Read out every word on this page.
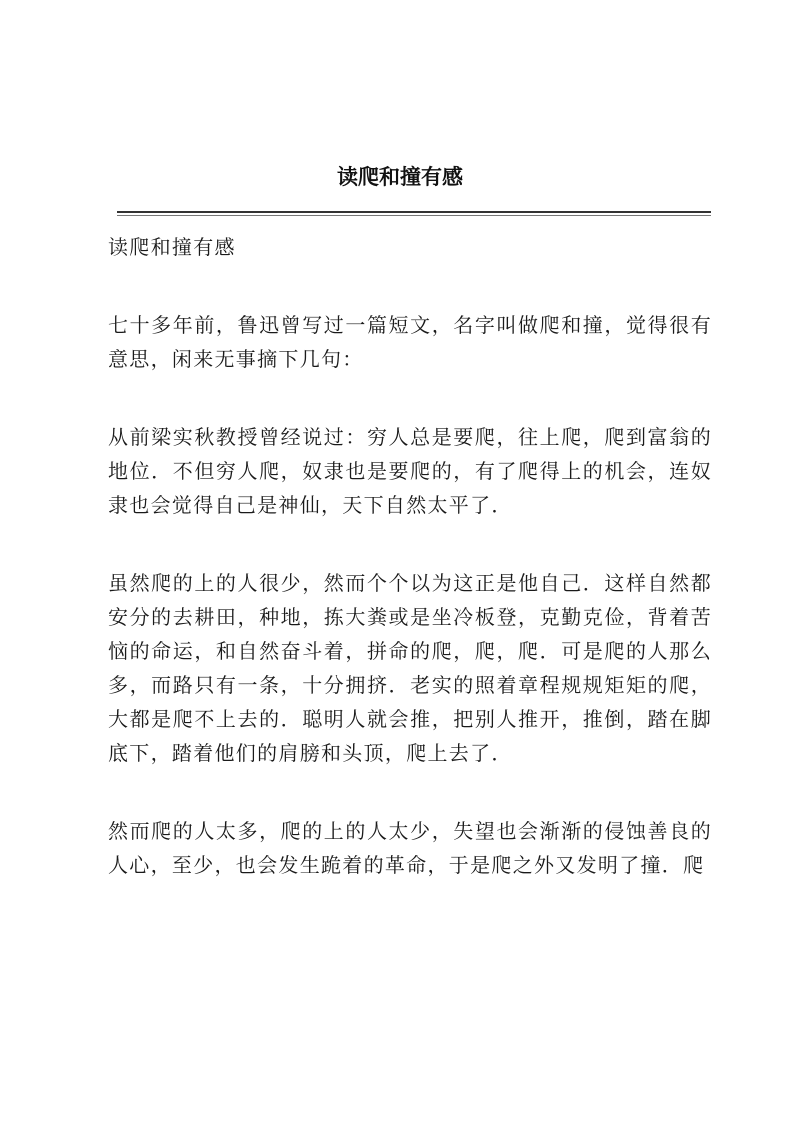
读爬和撞有感

读爬和撞有感

七十多年前，鲁迅曾写过一篇短文，名字叫做爬和撞，觉得很有意思，闲来无事摘下几句：

从前梁实秋教授曾经说过：穷人总是要爬，往上爬，爬到富翁的地位．不但穷人爬，奴隶也是要爬的，有了爬得上的机会，连奴隶也会觉得自己是神仙，天下自然太平了．

虽然爬的上的人很少，然而个个以为这正是他自己．这样自然都安分的去耕田，种地，拣大粪或是坐冷板登，克勤克俭，背着苦恼的命运，和自然奋斗着，拼命的爬，爬，爬．可是爬的人那么多，而路只有一条，十分拥挤．老实的照着章程规规矩矩的爬，大都是爬不上去的．聪明人就会推，把别人推开，推倒，踏在脚底下，踏着他们的肩膀和头顶，爬上去了．

然而爬的人太多，爬的上的人太少，失望也会渐渐的侵蚀善良的人心，至少，也会发生跪着的革命，于是爬之外又发明了撞．爬
